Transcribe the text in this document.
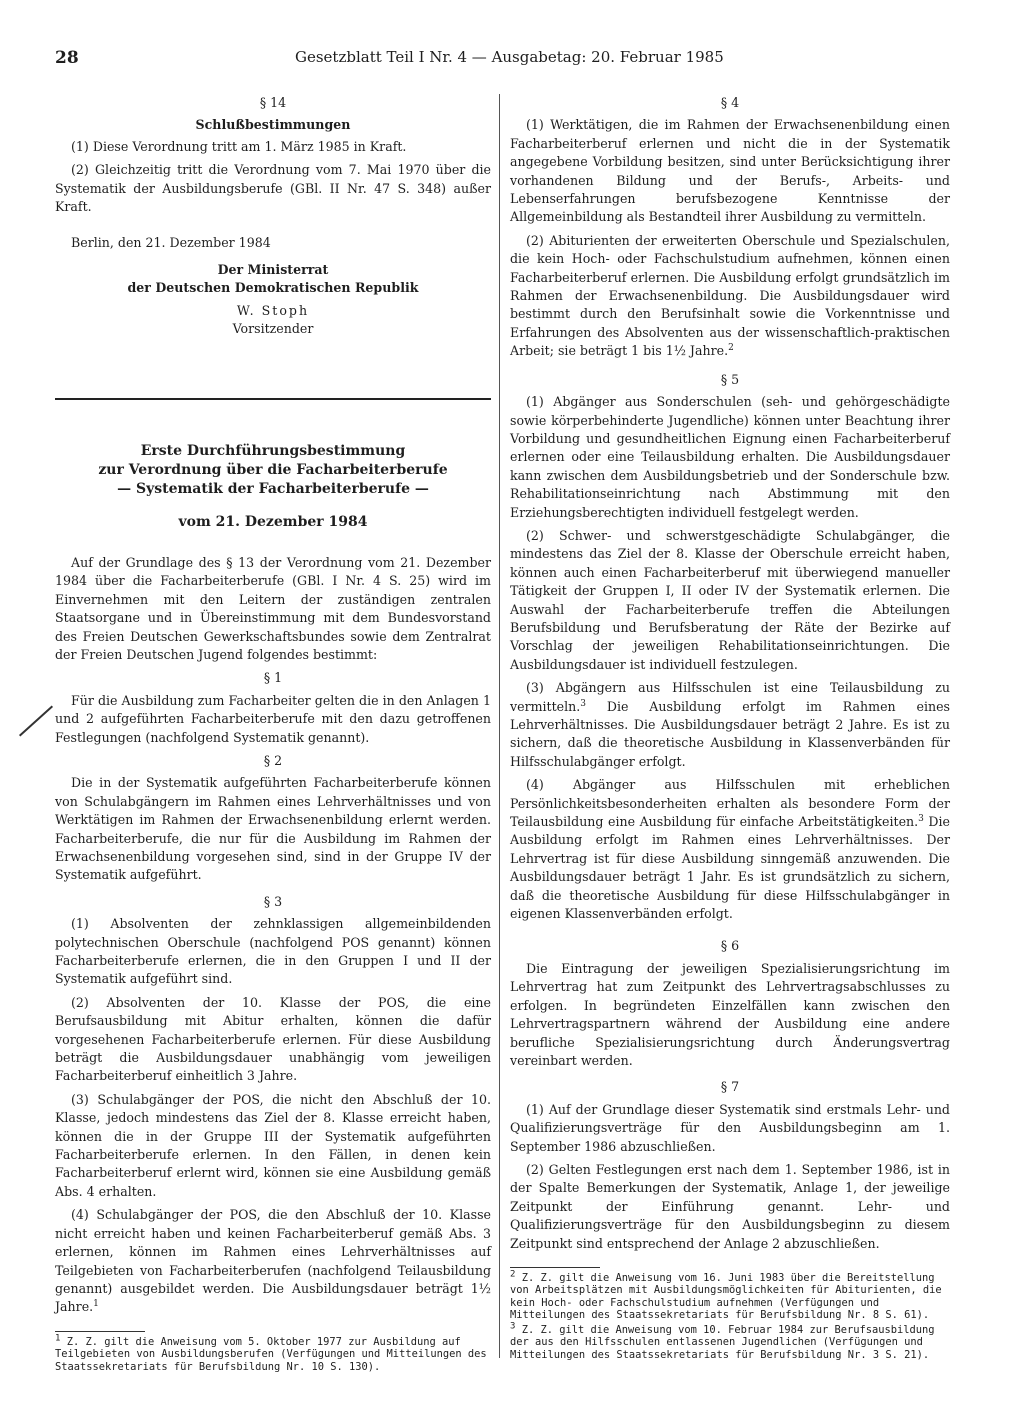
28	Gesetzblatt Teil I Nr. 4 — Ausgabetag: 20. Februar 1985
§ 14
Schlußbestimmungen

(1) Diese Verordnung tritt am 1. März 1985 in Kraft.

(2) Gleichzeitig tritt die Verordnung vom 7. Mai 1970 über die Systematik der Ausbildungsberufe (GBl. II Nr. 47 S. 348) außer Kraft.

Berlin, den 21. Dezember 1984

Der Ministerrat
der Deutschen Demokratischen Republik
W. Stoph
Vorsitzender
Erste Durchführungsbestimmung
zur Verordnung über die Facharbeiterberufe
— Systematik der Facharbeiterberufe —
vom 21. Dezember 1984

Auf der Grundlage des § 13 der Verordnung vom 21. Dezember 1984 über die Facharbeiterberufe (GBl. I Nr. 4 S. 25) wird im Einvernehmen mit den Leitern der zuständigen zentralen Staatsorgane und in Übereinstimmung mit dem Bundesvorstand des Freien Deutschen Gewerkschaftsbundes sowie dem Zentralrat der Freien Deutschen Jugend folgendes bestimmt:

§ 1

Für die Ausbildung zum Facharbeiter gelten die in den Anlagen 1 und 2 aufgeführten Facharbeiterberufe mit den dazu getroffenen Festlegungen (nachfolgend Systematik genannt).

§ 2

Die in der Systematik aufgeführten Facharbeiterberufe können von Schulabgängern im Rahmen eines Lehrverhältnisses und von Werktätigen im Rahmen der Erwachsenenbildung erlernt werden. Facharbeiterberufe, die nur für die Ausbildung im Rahmen der Erwachsenenbildung vorgesehen sind, sind in der Gruppe IV der Systematik aufgeführt.

§ 3

(1) Absolventen der zehnklassigen allgemeinbildenden polytechnischen Oberschule (nachfolgend POS genannt) können Facharbeiterberufe erlernen, die in den Gruppen I und II der Systematik aufgeführt sind.

(2) Absolventen der 10. Klasse der POS, die eine Berufsausbildung mit Abitur erhalten, können die dafür vorgesehenen Facharbeiterberufe erlernen. Für diese Ausbildung beträgt die Ausbildungsdauer unabhängig vom jeweiligen Facharbeiterberuf einheitlich 3 Jahre.

(3) Schulabgänger der POS, die nicht den Abschluß der 10. Klasse, jedoch mindestens das Ziel der 8. Klasse erreicht haben, können die in der Gruppe III der Systematik aufgeführten Facharbeiterberufe erlernen. In den Fällen, in denen kein Facharbeiterberuf erlernt wird, können sie eine Ausbildung gemäß Abs. 4 erhalten.

(4) Schulabgänger der POS, die den Abschluß der 10. Klasse nicht erreicht haben und keinen Facharbeiterberuf gemäß Abs. 3 erlernen, können im Rahmen eines Lehrverhältnisses auf Teilgebieten von Facharbeiterberufen (nachfolgend Teilausbildung genannt) ausgebildet werden. Die Ausbildungsdauer beträgt 1½ Jahre.$^1$

$^1$ Z. Z. gilt die Anweisung vom 5. Oktober 1977 zur Ausbildung auf Teilgebieten von Ausbildungsberufen (Verfügungen und Mitteilungen des Staatssekretariats für Berufsbildung Nr. 10 S. 130).

§ 4

(1) Werktätigen, die im Rahmen der Erwachsenenbildung einen Facharbeiterberuf erlernen und nicht die in der Systematik angegebene Vorbildung besitzen, sind unter Berücksichtigung ihrer vorhandenen Bildung und der Berufs-, Arbeits- und Lebenserfahrungen berufsbezogene Kenntnisse der Allgemeinbildung als Bestandteil ihrer Ausbildung zu vermitteln.

(2) Abiturienten der erweiterten Oberschule und Spezialschulen, die kein Hoch- oder Fachschulstudium aufnehmen, können einen Facharbeiterberuf erlernen. Die Ausbildung erfolgt grundsätzlich im Rahmen der Erwachsenenbildung. Die Ausbildungsdauer wird bestimmt durch den Berufsinhalt sowie die Vorkenntnisse und Erfahrungen des Absolventen aus der wissenschaftlich-praktischen Arbeit; sie beträgt 1 bis 1½ Jahre.$^2$

§ 5

(1) Abgänger aus Sonderschulen (seh- und gehörgeschädigte sowie körperbehinderte Jugendliche) können unter Beachtung ihrer Vorbildung und gesundheitlichen Eignung einen Facharbeiterberuf erlernen oder eine Teilausbildung erhalten. Die Ausbildungsdauer kann zwischen dem Ausbildungsbetrieb und der Sonderschule bzw. Rehabilitationseinrichtung nach Abstimmung mit den Erziehungsberechtigten individuell festgelegt werden.

(2) Schwer- und schwerstgeschädigte Schulabgänger, die mindestens das Ziel der 8. Klasse der Oberschule erreicht haben, können auch einen Facharbeiterberuf mit überwiegend manueller Tätigkeit der Gruppen I, II oder IV der Systematik erlernen. Die Auswahl der Facharbeiterberufe treffen die Abteilungen Berufsbildung und Berufsberatung der Räte der Bezirke auf Vorschlag der jeweiligen Rehabilitationseinrichtungen. Die Ausbildungsdauer ist individuell festzulegen.

(3) Abgängern aus Hilfsschulen ist eine Teilausbildung zu vermitteln.$^3$ Die Ausbildung erfolgt im Rahmen eines Lehrverhältnisses. Die Ausbildungsdauer beträgt 2 Jahre. Es ist zu sichern, daß die theoretische Ausbildung in Klassenverbänden für Hilfsschulabgänger erfolgt.

(4) Abgänger aus Hilfsschulen mit erheblichen Persönlichkeitsbesonderheiten erhalten als besondere Form der Teilausbildung eine Ausbildung für einfache Arbeitstätigkeiten.$^3$ Die Ausbildung erfolgt im Rahmen eines Lehrverhältnisses. Der Lehrvertrag ist für diese Ausbildung sinngemäß anzuwenden. Die Ausbildungsdauer beträgt 1 Jahr. Es ist grundsätzlich zu sichern, daß die theoretische Ausbildung für diese Hilfsschulabgänger in eigenen Klassenverbänden erfolgt.

§ 6

Die Eintragung der jeweiligen Spezialisierungsrichtung im Lehrvertrag hat zum Zeitpunkt des Lehrvertragsabschlusses zu erfolgen. In begründeten Einzelfällen kann zwischen den Lehrvertragspartnern während der Ausbildung eine andere berufliche Spezialisierungsrichtung durch Änderungsvertrag vereinbart werden.

§ 7

(1) Auf der Grundlage dieser Systematik sind erstmals Lehr- und Qualifizierungsverträge für den Ausbildungsbeginn am 1. September 1986 abzuschließen.

(2) Gelten Festlegungen erst nach dem 1. September 1986, ist in der Spalte Bemerkungen der Systematik, Anlage 1, der jeweilige Zeitpunkt der Einführung genannt. Lehr- und Qualifizierungsverträge für den Ausbildungsbeginn zu diesem Zeitpunkt sind entsprechend der Anlage 2 abzuschließen.

$^2$ Z. Z. gilt die Anweisung vom 16. Juni 1983 über die Bereitstellung von Arbeitsplätzen mit Ausbildungsmöglichkeiten für Abiturienten, die kein Hoch- oder Fachschulstudium aufnehmen (Verfügungen und Mitteilungen des Staatssekretariats für Berufsbildung Nr. 8 S. 61).

$^3$ Z. Z. gilt die Anweisung vom 10. Februar 1984 zur Berufsausbildung der aus den Hilfsschulen entlassenen Jugendlichen (Verfügungen und Mitteilungen des Staatssekretariats für Berufsbildung Nr. 3 S. 21).
